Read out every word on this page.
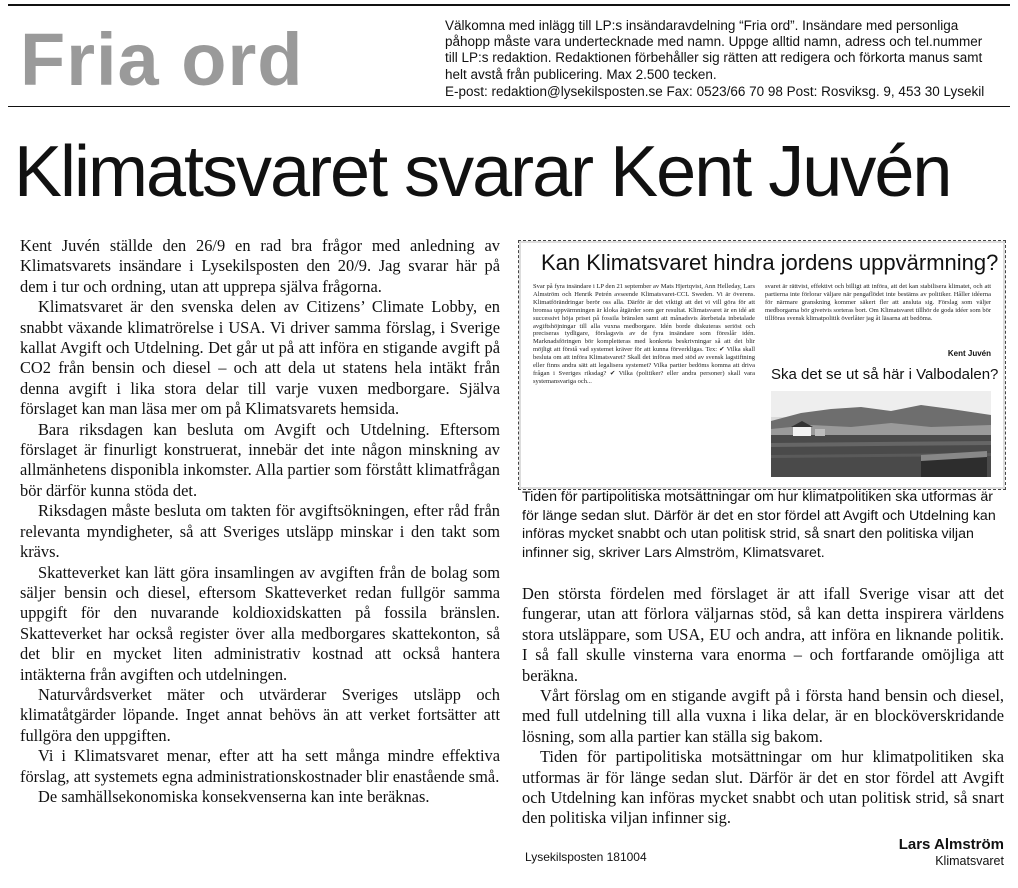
Fria ord	Välkomna med inlägg till LP:s insändaravdelning “Fria ord”. Insändare med personliga
påhopp måste vara undertecknade med namn. Uppge alltid namn, adress och tel.nummer
till LP:s redaktion. Redaktionen förbehåller sig rätten att redigera och förkorta manus samt
helt avstå från publicering. Max 2.500 tecken.
E-post: redaktion@lysekilsposten.se Fax: 0523/66 70 98 Post: Rosviksg. 9, 453 30 Lysekil
Klimatsvaret svarar Kent Juvén

Kent Juvén ställde den 26/9 en rad bra frågor med anledning av Klimatsvarets insändare i Lysekilsposten den 20/9. Jag svarar här på dem i tur och ordning, utan att upprepa själva frågorna.

Klimatsvaret är den svenska delen av Citizens’ Climate Lobby, en snabbt växande klimatrörelse i USA. Vi driver samma förslag, i Sverige kallat Avgift och Utdelning. Det går ut på att införa en stigande avgift på CO2 från bensin och diesel – och att dela ut statens hela intäkt från denna avgift i lika stora delar till varje vuxen medborgare. Själva förslaget kan man läsa mer om på Klimatsvarets hemsida.

Bara riksdagen kan besluta om Avgift och Utdelning. Eftersom förslaget är finurligt konstruerat, innebär det inte någon minskning av allmänhetens disponibla inkomster. Alla partier som förstått klimatfrågan bör därför kunna stöda det.

Riksdagen måste besluta om takten för avgiftsökningen, efter råd från relevanta myndigheter, så att Sveriges utsläpp minskar i den takt som krävs.

Skatteverket kan lätt göra insamlingen av avgiften från de bolag som säljer bensin och diesel, eftersom Skatteverket redan fullgör samma uppgift för den nuvarande koldioxidskatten på fossila bränslen. Skatteverket har också register över alla medborgares skattekonton, så det blir en mycket liten administrativ kostnad att också hantera intäkterna från avgiften och utdelningen.

Naturvårdsverket mäter och utvärderar Sveriges utsläpp och klimatåtgärder löpande. Inget annat behövs än att verket fortsätter att fullgöra den uppgiften.

Vi i Klimatsvaret menar, efter att ha sett många mindre effektiva förslag, att systemets egna administrationskostnader blir enastående små.

De samhällsekonomiska konsekvenserna kan inte beräknas.

Kan Klimatsvaret hindra jordens uppvärmning?
Svar på fyra insändare i LP den 21 september av Mats Hjertqvist, Ann Helleday, Lars Almström och Henrik Petrén avseende Klimatsvaret-CCL Sweden. Vi är överens. Klimatförändringar berör oss alla. Därför är det viktigt att det vi vill göra för att bromsa uppvärmningen är kloka åtgärder som ger resultat. Klimatsvaret är en idé att successivt höja priset på fossila bränslen samt att månadsvis återbetala inbetalade avgiftshöjningar till alla vuxna medborgare. Idén borde diskuteras seriöst och preciseras tydligare, förslagsvis av de fyra insändare som föreslår idén. Marknadsföringen bör kompletteras med konkreta beskrivningar så att det blir möjligt att förstå vad systemet kräver för att kunna förverkligas. Tex: ✔ Vilka skall besluta om att införa Klimatsvaret? Skall det införas med stöd av svensk lagstiftning eller finns andra sätt att legalisera systemet? Vilka partier bedöms komma att driva frågan i Sveriges riksdag? ✔ Vilka (politiker? eller andra personer) skall vara systemansvariga och...
svaret är rättvist, effektivt och billigt att införa, att det kan stabilisera klimatet, och att partierna inte förlorar väljare när pengaflödet inte bestäms av politiker. Håller idéerna för närmare granskning kommer säkert fler att ansluta sig. Förslag som väljer medborgarna bör givetvis sorteras bort. Om Klimatsvaret tillhör de goda idéer som bör tillföras svensk klimatpolitik överlåter jag åt läsarna att bedöma.
Kent Juvén
Ska det se ut så här i Valbodalen?
Tiden för partipolitiska motsättningar om hur klimatpolitiken ska utformas är för länge sedan slut. Därför är det en stor fördel att Avgift och Utdelning kan införas mycket snabbt och utan politisk strid, så snart den politiska viljan infinner sig, skriver Lars Almström, Klimatsvaret.

Den största fördelen med förslaget är att ifall Sverige visar att det fungerar, utan att förlora väljarnas stöd, så kan detta inspirera världens stora utsläppare, som USA, EU och andra, att införa en liknande politik. I så fall skulle vinsterna vara enorma – och fortfarande omöjliga att beräkna.

Vårt förslag om en stigande avgift på i första hand bensin och diesel, med full utdelning till alla vuxna i lika delar, är en blocköverskridande lösning, som alla partier kan ställa sig bakom.

Tiden för partipolitiska motsättningar om hur klimatpolitiken ska utformas är för länge sedan slut. Därför är det en stor fördel att Avgift och Utdelning kan införas mycket snabbt och utan politisk strid, så snart den politiska viljan infinner sig.

Lysekilsposten 181004
Lars Almström
Klimatsvaret
